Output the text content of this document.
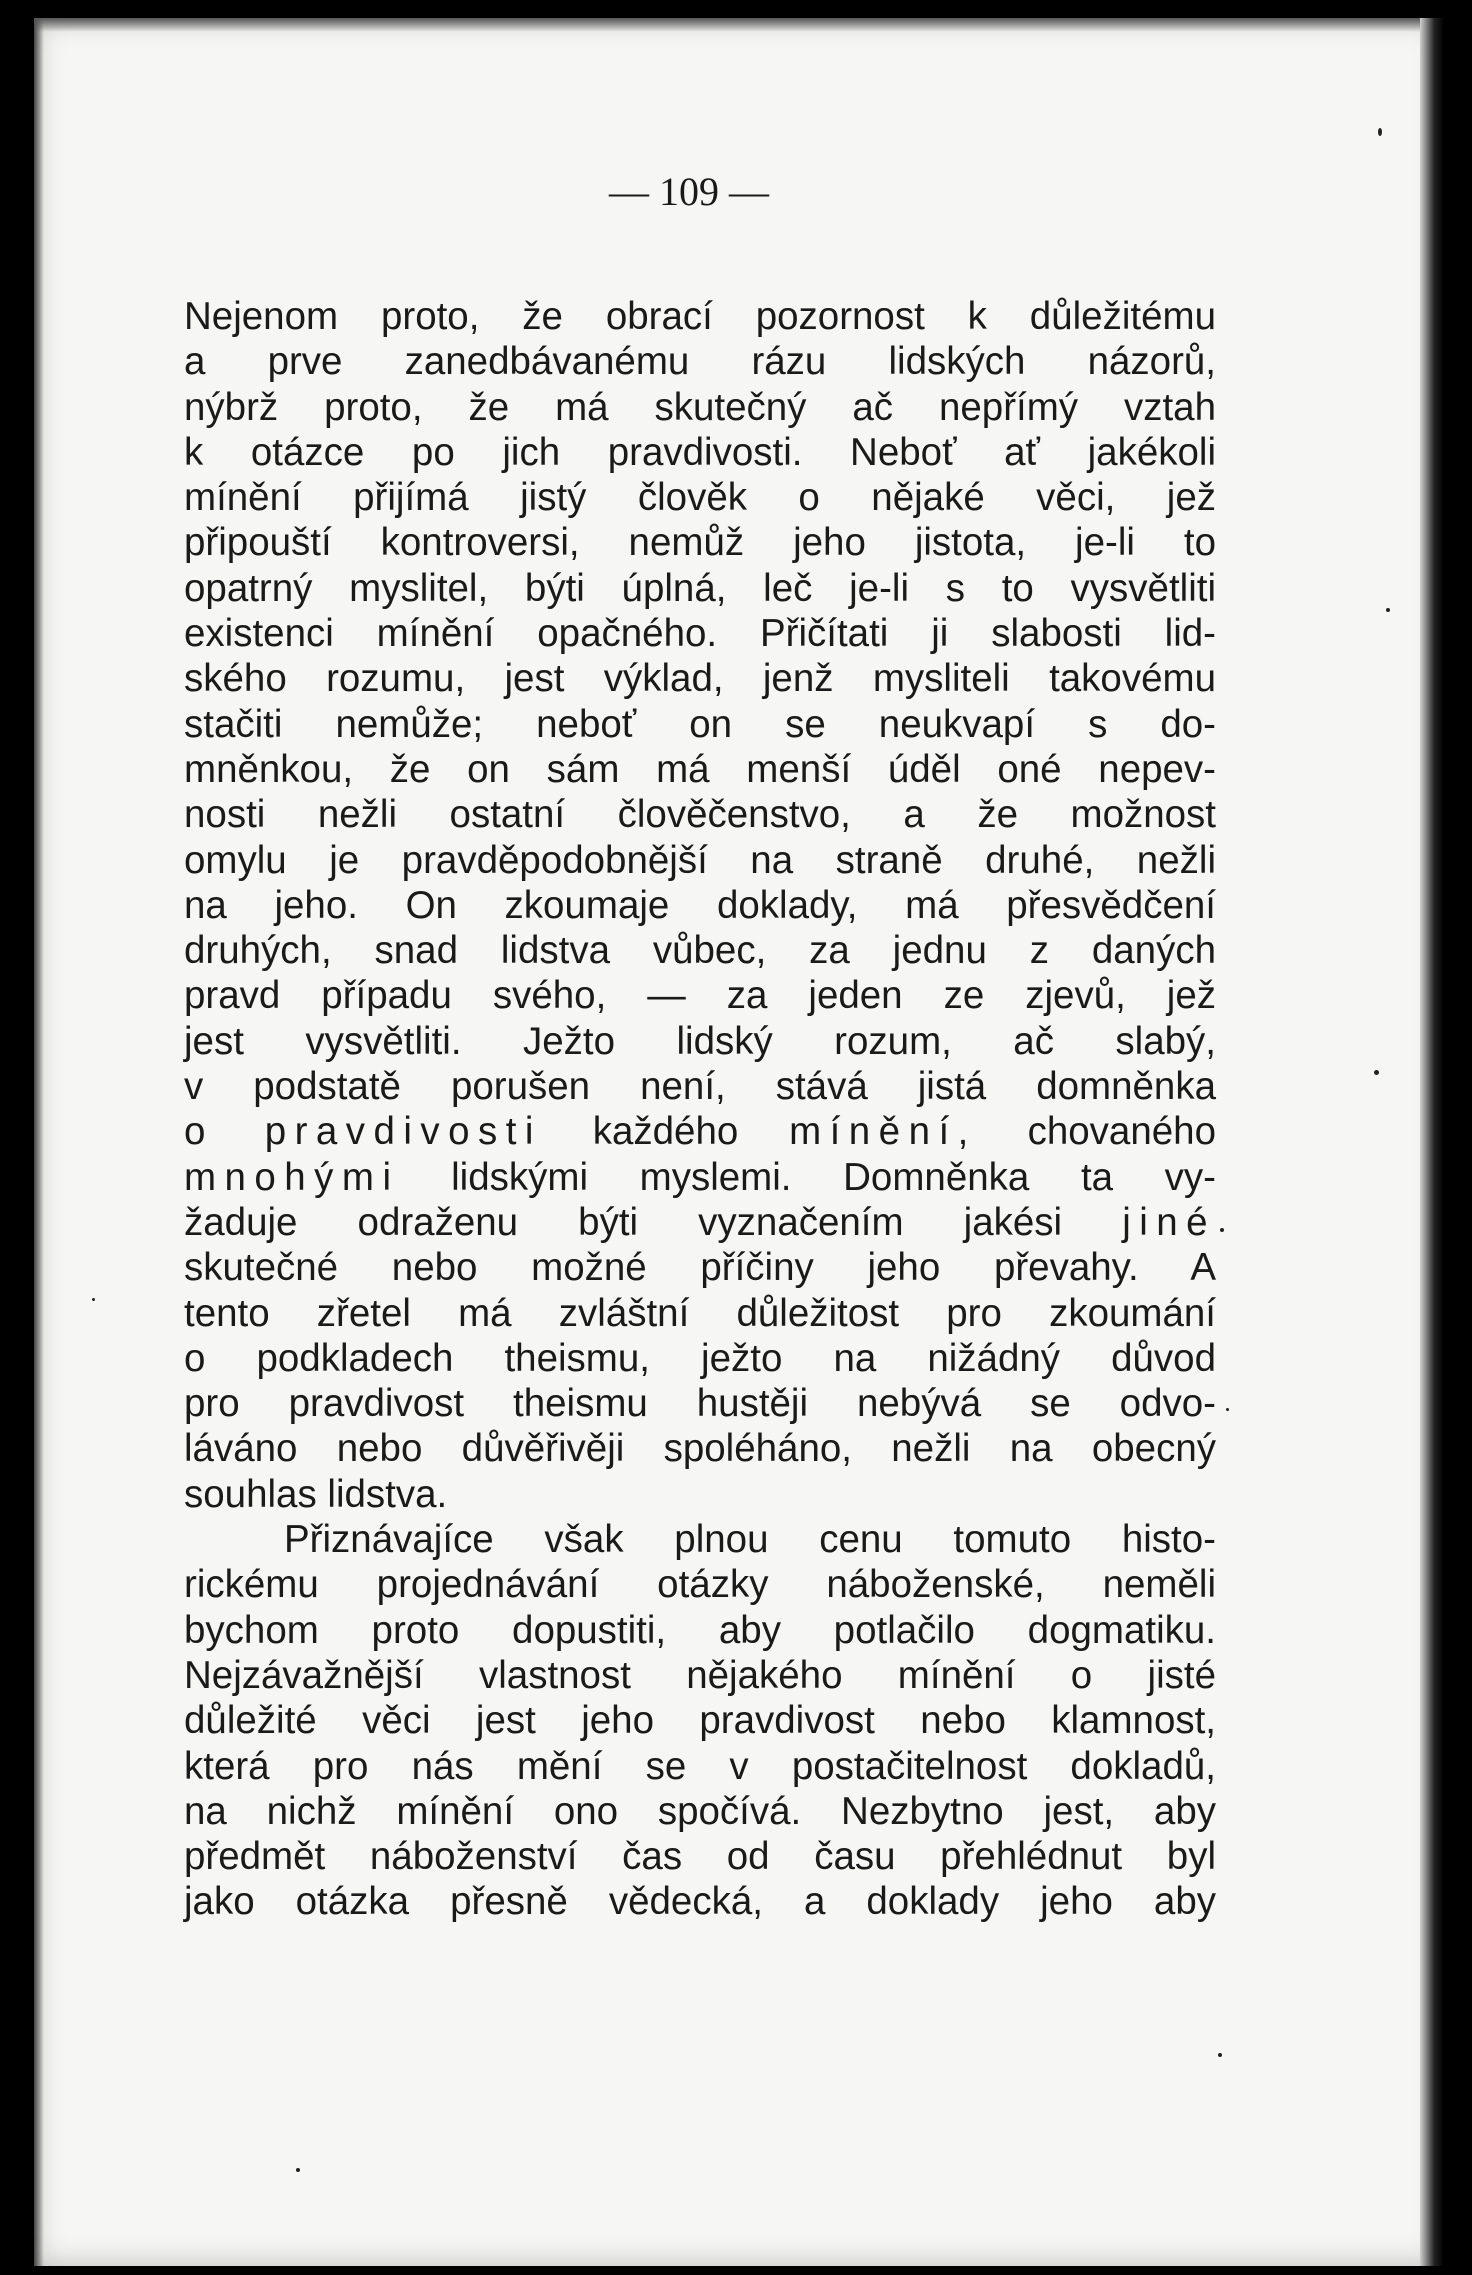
— 109 —
Nejenom proto, že obrací pozornost k důležitému
a prve zanedbávanému rázu lidských názorů,
nýbrž proto, že má skutečný ač nepřímý vztah
k otázce po jich pravdivosti. Neboť ať jakékoli
mínění přijímá jistý člověk o nějaké věci, jež
připouští kontroversi, nemůž jeho jistota, je-li to
opatrný myslitel, býti úplná, leč je-li s to vysvětliti
existenci mínění opačného. Přičítati ji slabosti lid-
ského rozumu, jest výklad, jenž mysliteli takovému
stačiti nemůže; neboť on se neukvapí s do-
mněnkou, že on sám má menší úděl oné nepev-
nosti nežli ostatní člověčenstvo, a že možnost
omylu je pravděpodobnější na straně druhé, nežli
na jeho. On zkoumaje doklady, má přesvědčení
druhých, snad lidstva vůbec, za jednu z daných
pravd případu svého, — za jeden ze zjevů, jež
jest vysvětliti. Ježto lidský rozum, ač slabý,
v podstatě porušen není, stává jistá domněnka
o pravdivosti každého mínění, chovaného
mnohými lidskými myslemi. Domněnka ta vy-
žaduje odraženu býti vyznačením jakési jiné
skutečné nebo možné příčiny jeho převahy. A
tento zřetel má zvláštní důležitost pro zkoumání
o podkladech theismu, ježto na nižádný důvod
pro pravdivost theismu hustěji nebývá se odvo-
láváno nebo důvěřivěji spoléháno, nežli na obecný
souhlas lidstva.
Přiznávajíce však plnou cenu tomuto histo-
rickému projednávání otázky náboženské, neměli
bychom proto dopustiti, aby potlačilo dogmatiku.
Nejzávažnější vlastnost nějakého mínění o jisté
důležité věci jest jeho pravdivost nebo klamnost,
která pro nás mění se v postačitelnost dokladů,
na nichž mínění ono spočívá. Nezbytno jest, aby
předmět náboženství čas od času přehlédnut byl
jako otázka přesně vědecká, a doklady jeho aby
